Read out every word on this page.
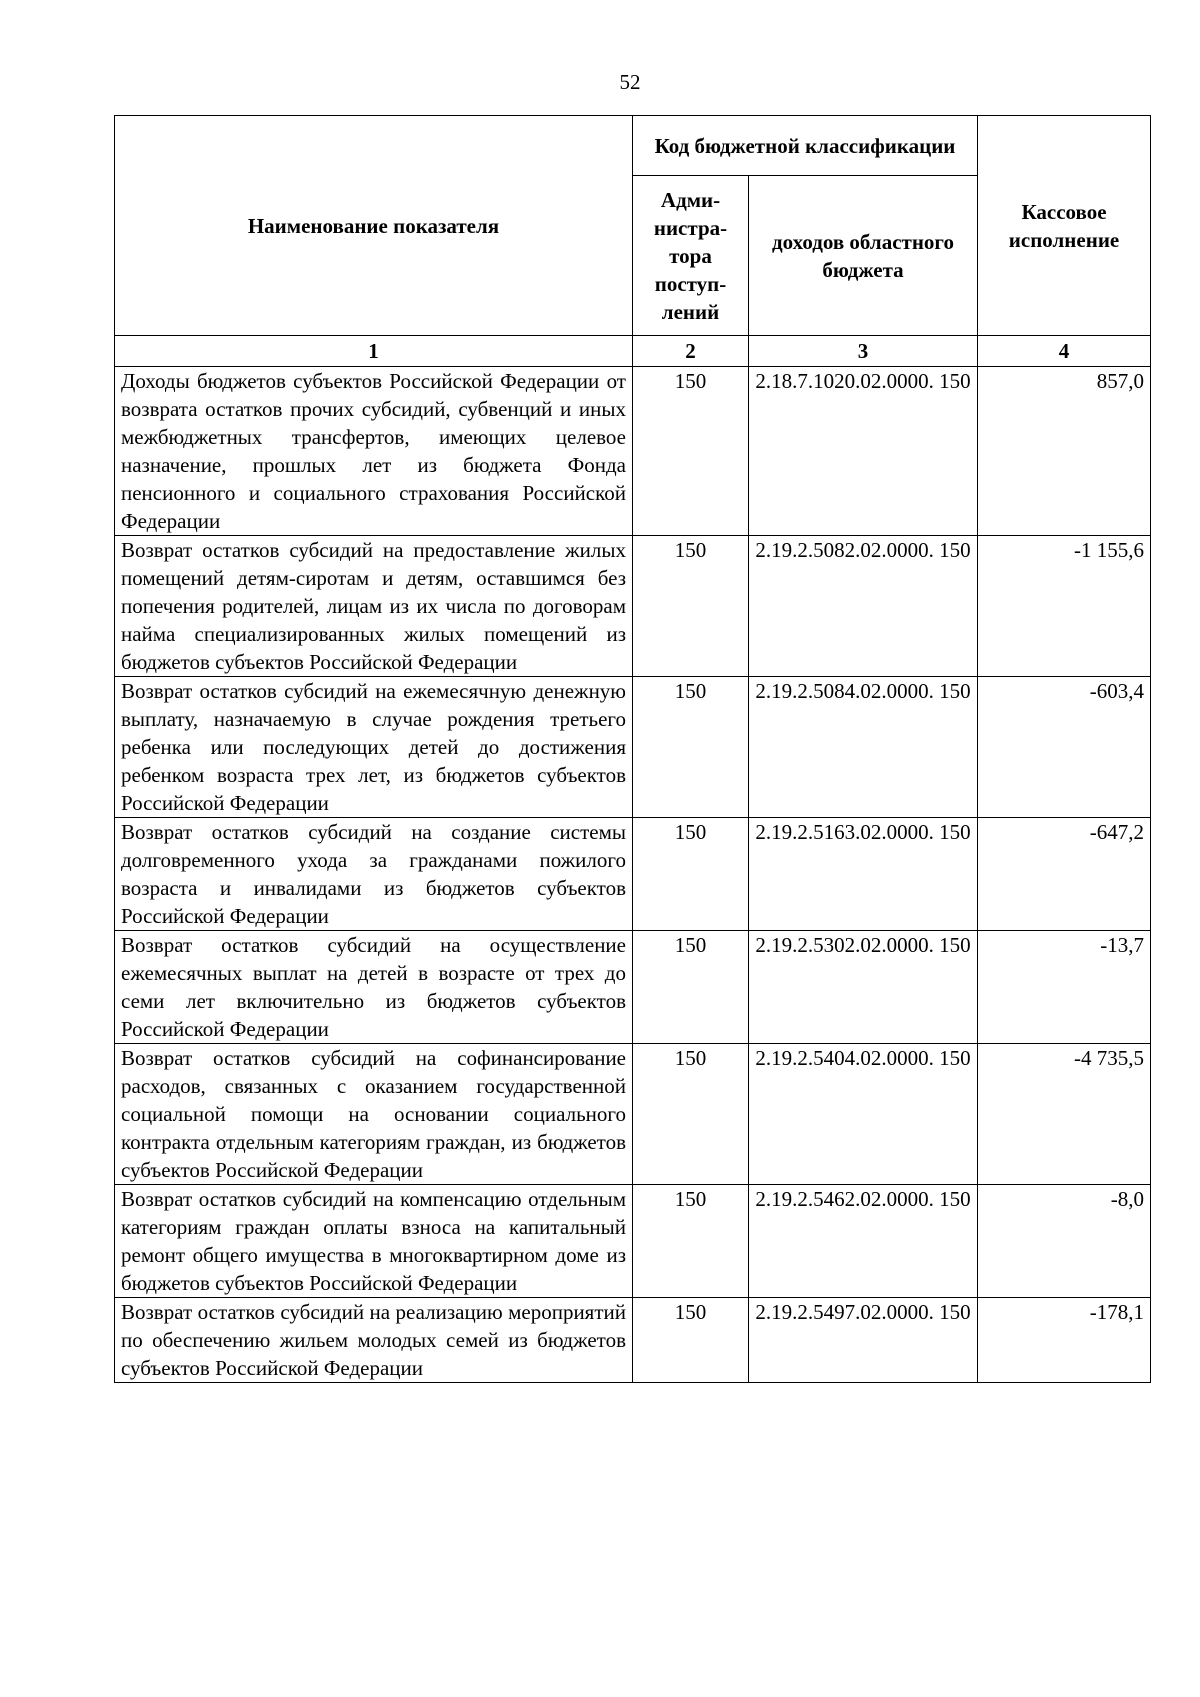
52
Наименование показателя	Код бюджетной классификации		Кассовое исполнение
	Адми-нистра-тора поступ-лений	доходов областного бюджета	
1	2	3	4
Доходы бюджетов субъектов Российской Федерации от возврата остатков прочих субсидий, субвенций и иных межбюджетных трансфертов, имеющих целевое назначение, прошлых лет из бюджета Фонда пенсионного и социального страхования Российской Федерации	150	2.18.7.1020.02.0000. 150	857,0
Возврат остатков субсидий на предоставление жилых помещений детям-сиротам и детям, оставшимся без попечения родителей, лицам из их числа по договорам найма специализированных жилых помещений из бюджетов субъектов Российской Федерации	150	2.19.2.5082.02.0000. 150	-1 155,6
Возврат остатков субсидий на ежемесячную денежную выплату, назначаемую в случае рождения третьего ребенка или последующих детей до достижения ребенком возраста трех лет, из бюджетов субъектов Российской Федерации	150	2.19.2.5084.02.0000. 150	-603,4
Возврат остатков субсидий на создание системы долговременного ухода за гражданами пожилого возраста и инвалидами из бюджетов субъектов Российской Федерации	150	2.19.2.5163.02.0000. 150	-647,2
Возврат остатков субсидий на осуществление ежемесячных выплат на детей в возрасте от трех до семи лет включительно из бюджетов субъектов Российской Федерации	150	2.19.2.5302.02.0000. 150	-13,7
Возврат остатков субсидий на софинансирование расходов, связанных с оказанием государственной социальной помощи на основании социального контракта отдельным категориям граждан, из бюджетов субъектов Российской Федерации	150	2.19.2.5404.02.0000. 150	-4 735,5
Возврат остатков субсидий на компенсацию отдельным категориям граждан оплаты взноса на капитальный ремонт общего имущества в многоквартирном доме из бюджетов субъектов Российской Федерации	150	2.19.2.5462.02.0000. 150	-8,0
Возврат остатков субсидий на реализацию мероприятий по обеспечению жильем молодых семей из бюджетов субъектов Российской Федерации	150	2.19.2.5497.02.0000. 150	-178,1
